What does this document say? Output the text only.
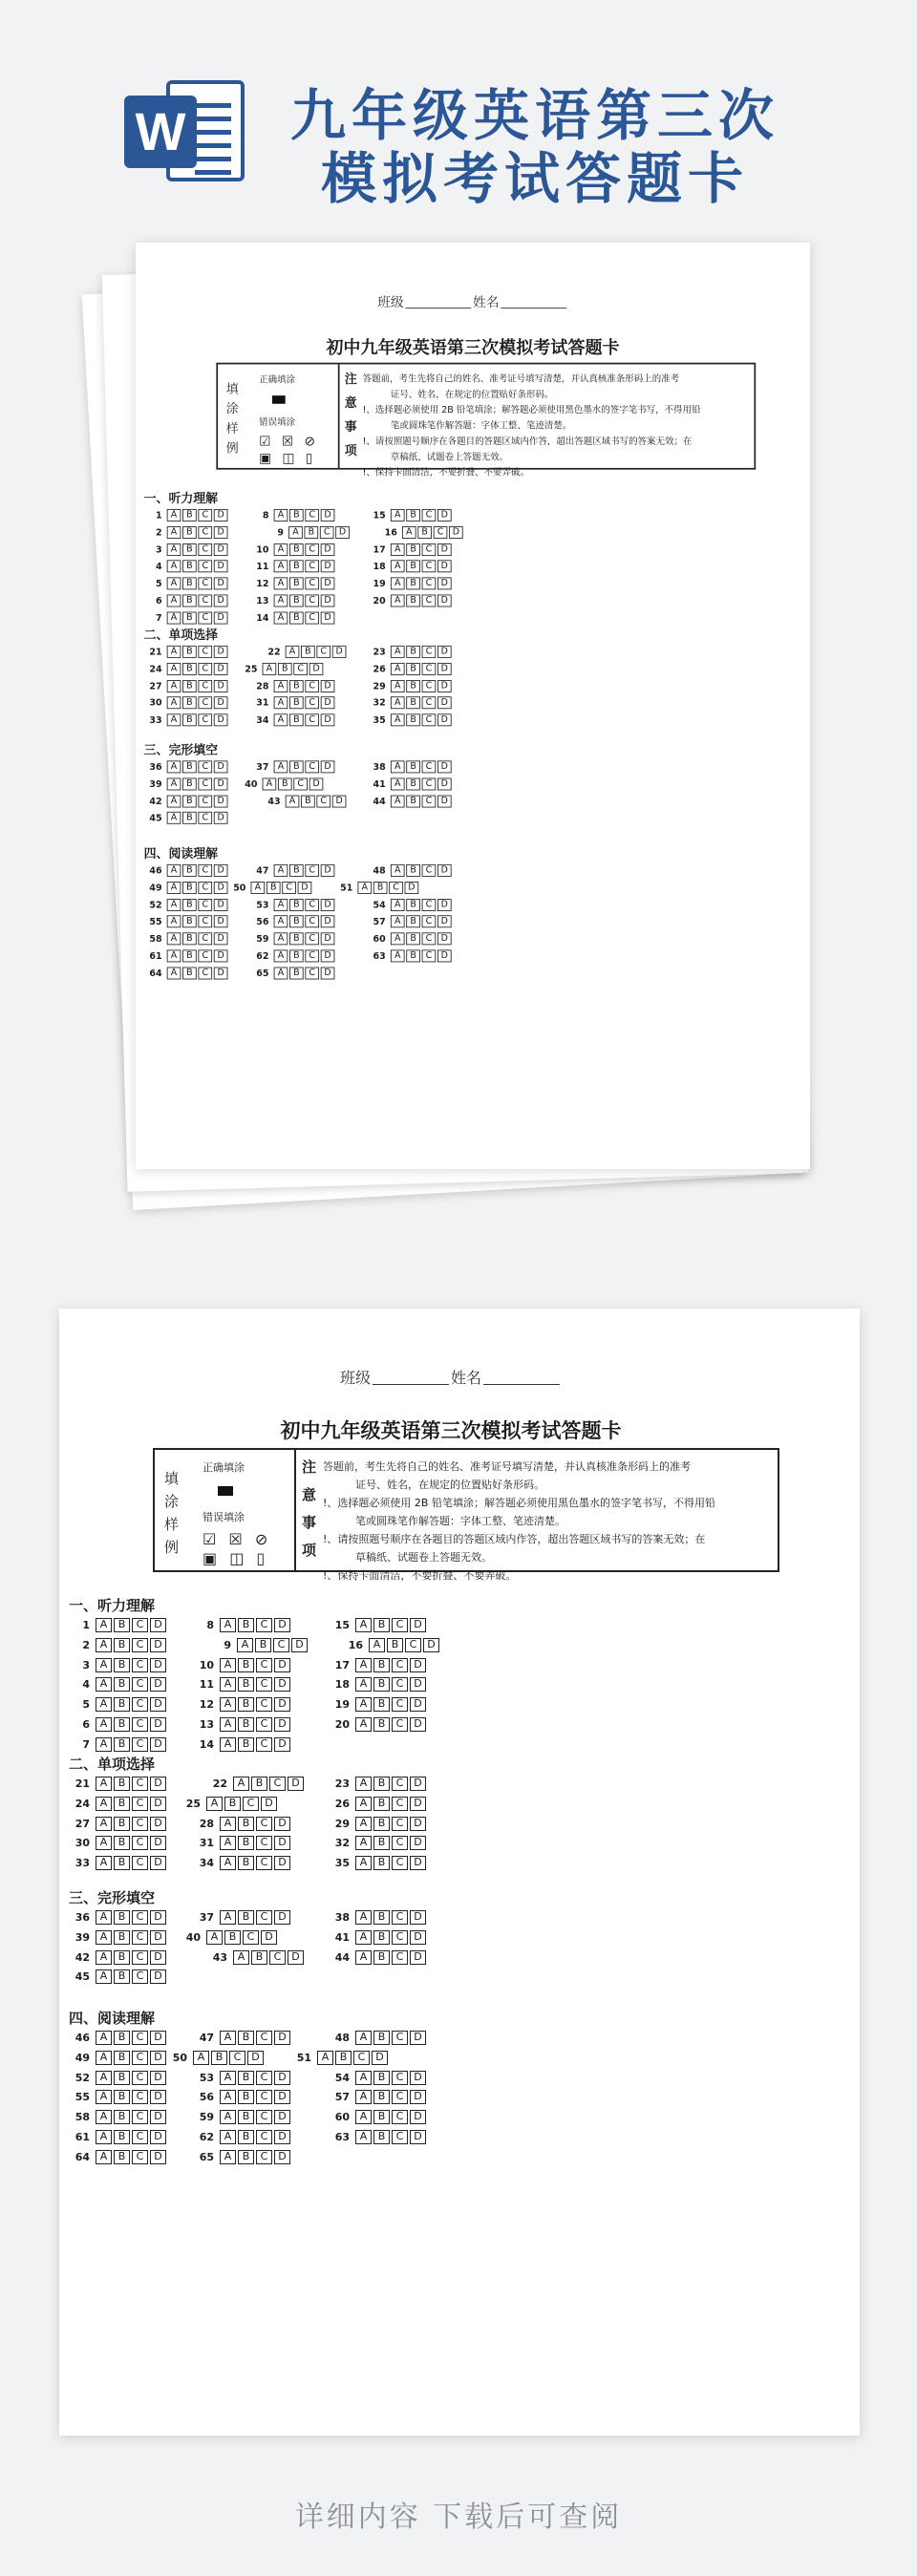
W 九年级英语第三次
模拟考试答题卡
班级	姓名
初中九年级英语第三次模拟考试答题卡
填
涂
样
例
正确填涂
错误填涂
☑ ☒ ⊘
▣ ◫ ▯
注
意
事
项

答题前，考生先将自己的姓名、准考证号填写清楚，并认真核准条形码上的准考

证号、姓名，在规定的位置贴好条形码。

!、选择题必须使用 2B 铅笔填涂；解答题必须使用黑色墨水的签字笔书写，不得用铅

笔或圆珠笔作解答题：字体工整、笔迹清楚。

!、请按照题号顺序在各题目的答题区域内作答，超出答题区域书写的答案无效；在

草稿纸、试题卷上答题无效。

!、保持卡面清洁，不要折叠、不要弄破。

一、听力理解
二、单项选择
三、完形填空
四、阅读理解
1 A B C D	8 A B C D	15 A B C D
2 A B C D	9 A B C D	16 A B C D
3 A B C D	10 A B C D	17 A B C D
4 A B C D	11 A B C D	18 A B C D
5 A B C D	12 A B C D	19 A B C D
6 A B C D	13 A B C D	20 A B C D
7 A B C D	14 A B C D
21 A B C D	22 A B C D	23 A B C D
24 A B C D	25 A B C D	26 A B C D
27 A B C D	28 A B C D	29 A B C D
30 A B C D	31 A B C D	32 A B C D
33 A B C D	34 A B C D	35 A B C D
36 A B C D	37 A B C D	38 A B C D
39 A B C D	40 A B C D	41 A B C D
42 A B C D	43 A B C D	44 A B C D
45 A B C D
46 A B C D	47 A B C D	48 A B C D
49 A B C D 50 A B C D	51 A B C D
52 A B C D	53 A B C D	54 A B C D
55 A B C D	56 A B C D	57 A B C D
58 A B C D	59 A B C D	60 A B C D
61 A B C D	62 A B C D	63 A B C D
64 A B C D	65 A B C D
班级	姓名
初中九年级英语第三次模拟考试答题卡
填
涂
样
例
正确填涂
错误填涂
☑ ☒ ⊘
▣ ◫ ▯
注
意
事
项

答题前，考生先将自己的姓名、准考证号填写清楚，并认真核准条形码上的准考

证号、姓名，在规定的位置贴好条形码。

!、选择题必须使用 2B 铅笔填涂；解答题必须使用黑色墨水的签字笔书写，不得用铅

笔或圆珠笔作解答题：字体工整、笔迹清楚。

!、请按照题号顺序在各题目的答题区域内作答，超出答题区域书写的答案无效；在

草稿纸、试题卷上答题无效。

!、保持卡面清洁，不要折叠、不要弄破。

一、听力理解
二、单项选择
三、完形填空
四、阅读理解
1 A	B	C D	8 A	B	C D	15 A	B	C D
2 A	B	C D	9 A	B	C D	16 A	B	C D
3 A	B	C D	10 A	B	C D	17 A	B	C D
4 A	B	C D	11 A	B	C D	18 A	B	C D
5 A	B	C D	12 A	B	C D	19 A	B	C D
6 A	B	C D	13 A	B	C D	20 A	B	C D
7 A	B	C D	14 A	B	C D
21 A	B	C D	22 A	B	C D	23 A	B	C D
24 A	B	C D	25 A	B	C D	26 A	B	C D
27 A	B	C D	28 A	B	C D	29 A	B	C D
30 A	B	C D	31 A	B	C D	32 A	B	C D
33 A	B	C D	34 A	B	C D	35 A	B	C D
36 A	B	C D	37 A	B	C D	38 A	B	C D
39 A	B	C D	40 A	B	C D	41 A	B	C D
42 A	B	C D	43 A	B	C D	44 A	B	C D
45 A	B	C D
46 A	B	C D	47 A	B	C D	48 A	B	C D
49 A	B	C D 50 A	B	C D	51 A	B	C D
52 A	B	C D	53 A	B	C D	54 A	B	C D
55 A	B	C D	56 A	B	C D	57 A	B	C D
58 A	B	C D	59 A	B	C D	60 A	B	C D
61 A	B	C D	62 A	B	C D	63 A	B	C D
64 A	B	C D	65 A	B	C D
详细内容 下载后可查阅
